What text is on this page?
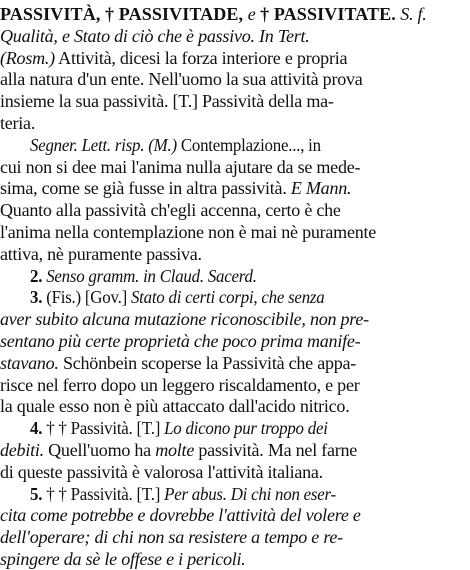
PASSIVITÀ, † PASSIVITADE, e † PASSIVITATE. S. f.
Qualità, e Stato di ciò che è passivo. In Tert.
(Rosm.) Attività, dicesi la forza interiore e propria
alla natura d'un ente. Nell'uomo la sua attività prova
insieme la sua passività. [T.] Passività della ma-
teria.
Segner. Lett. risp. (M.) Contemplazione..., in
cui non si dee mai l'anima nulla ajutare da se mede-
sima, come se già fusse in altra passività. E Mann.
Quanto alla passività ch'egli accenna, certo è che
l'anima nella contemplazione non è mai nè puramente
attiva, nè puramente passiva.
2. Senso gramm. in Claud. Sacerd.
3. (Fis.) [Gov.] Stato di certi corpi, che senza
aver subito alcuna mutazione riconoscibile, non pre-
sentano più certe proprietà che poco prima manife-
stavano. Schönbein scoperse la Passività che appa-
risce nel ferro dopo un leggero riscaldamento, e per
la quale esso non è più attaccato dall'acido nitrico.
4. † † Passività. [T.] Lo dicono pur troppo dei
debiti. Quell'uomo ha molte passività. Ma nel farne
di queste passività è valorosa l'attività italiana.
5. † † Passività. [T.] Per abus. Di chi non eser-
cita come potrebbe e dovrebbe l'attività del volere e
dell'operare; di chi non sa resistere a tempo e re-
spingere da sè le offese e i pericoli.
